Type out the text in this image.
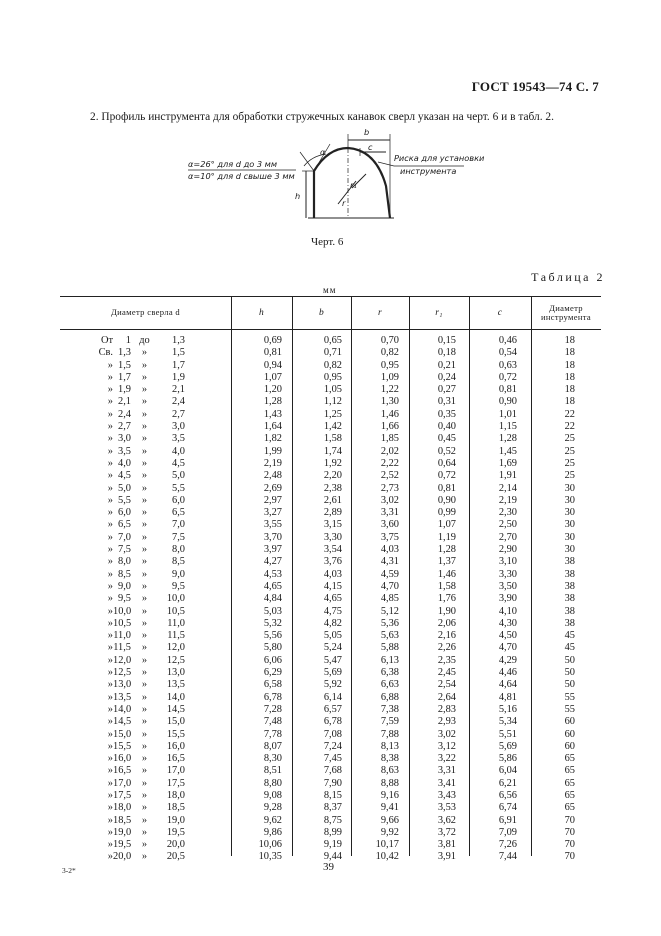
ГОСТ 19543—74 С. 7
2. Профиль инструмента для обработки стружечных канавок сверл указан на черт. 6 и в табл. 2.
α=26° для d до 3 мм
α=10° для d свыше 3 мм
Риска для установки
инструмента
b
c
h
r
r₁
α
Черт. 6
Таблица 2
мм
Диаметр сверла d	h	b	r	r₁	c
Диаметр инструмента
От	1 до	1,3	0,69	0,65	0,70	0,15	0,46	18
Св. 1,3	»	1,5	0,81	0,71	0,82	0,18	0,54	18
» 1,5	»	1,7	0,94	0,82	0,95	0,21	0,63	18
» 1,7	»	1,9	1,07	0,95	1,09	0,24	0,72	18
» 1,9	»	2,1	1,20	1,05	1,22	0,27	0,81	18
» 2,1	»	2,4	1,28	1,12	1,30	0,31	0,90	18
» 2,4	»	2,7	1,43	1,25	1,46	0,35	1,01	22
» 2,7	»	3,0	1,64	1,42	1,66	0,40	1,15	22
» 3,0	»	3,5	1,82	1,58	1,85	0,45	1,28	25
» 3,5	»	4,0	1,99	1,74	2,02	0,52	1,45	25
» 4,0	»	4,5	2,19	1,92	2,22	0,64	1,69	25
» 4,5	»	5,0	2,48	2,20	2,52	0,72	1,91	25
» 5,0	»	5,5	2,69	2,38	2,73	0,81	2,14	30
» 5,5	»	6,0	2,97	2,61	3,02	0,90	2,19	30
» 6,0	»	6,5	3,27	2,89	3,31	0,99	2,30	30
» 6,5	»	7,0	3,55	3,15	3,60	1,07	2,50	30
» 7,0	»	7,5	3,70	3,30	3,75	1,19	2,70	30
» 7,5	»	8,0	3,97	3,54	4,03	1,28	2,90	30
» 8,0	»	8,5	4,27	3,76	4,31	1,37	3,10	38
» 8,5	»	9,0	4,53	4,03	4,59	1,46	3,30	38
» 9,0	»	9,5	4,65	4,15	4,70	1,58	3,50	38
» 9,5	»	10,0	4,84	4,65	4,85	1,76	3,90	38
» 10,0	»	10,5	5,03	4,75	5,12	1,90	4,10	38
» 10,5	»	11,0	5,32	4,82	5,36	2,06	4,30	38
» 11,0	»	11,5	5,56	5,05	5,63	2,16	4,50	45
» 11,5	»	12,0	5,80	5,24	5,88	2,26	4,70	45
» 12,0	»	12,5	6,06	5,47	6,13	2,35	4,29	50
» 12,5	»	13,0	6,29	5,69	6,38	2,45	4,46	50
» 13,0	»	13,5	6,58	5,92	6,63	2,54	4,64	50
» 13,5	»	14,0	6,78	6,14	6,88	2,64	4,81	55
» 14,0	»	14,5	7,28	6,57	7,38	2,83	5,16	55
» 14,5	»	15,0	7,48	6,78	7,59	2,93	5,34	60
» 15,0	»	15,5	7,78	7,08	7,88	3,02	5,51	60
» 15,5	»	16,0	8,07	7,24	8,13	3,12	5,69	60
» 16,0	»	16,5	8,30	7,45	8,38	3,22	5,86	65
» 16,5	»	17,0	8,51	7,68	8,63	3,31	6,04	65
» 17,0	»	17,5	8,80	7,90	8,88	3,41	6,21	65
» 17,5	»	18,0	9,08	8,15	9,16	3,43	6,56	65
» 18,0	»	18,5	9,28	8,37	9,41	3,53	6,74	65
» 18,5	»	19,0	9,62	8,75	9,66	3,62	6,91	70
» 19,0	»	19,5	9,86	8,99	9,92	3,72	7,09	70
» 19,5	»	20,0	10,06	9,19	10,17	3,81	7,26	70
» 20,0	»	20,5	10,35	9,44	10,42	3,91	7,44	70
3-2*	39
